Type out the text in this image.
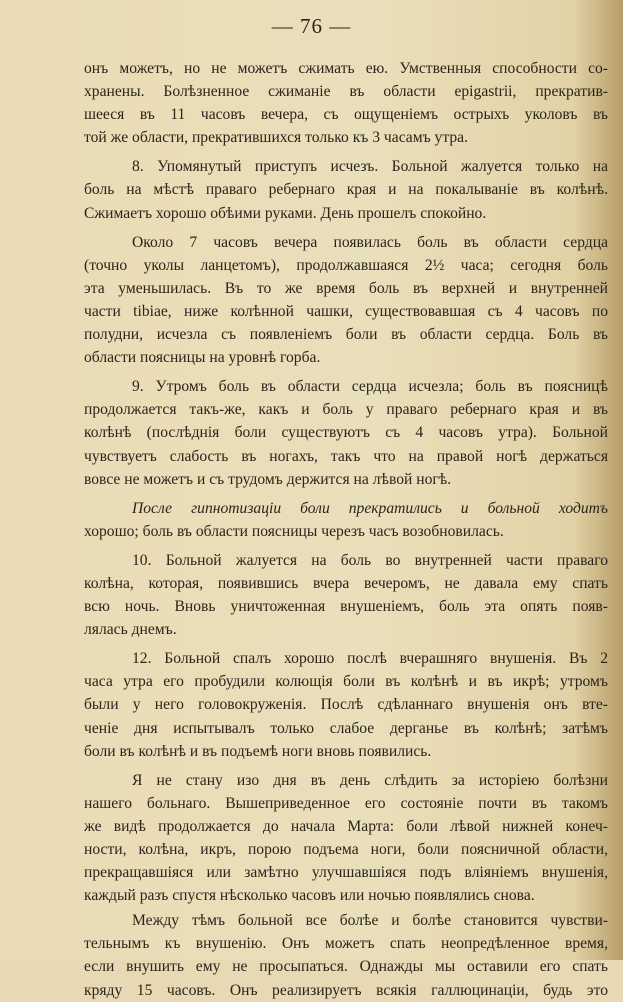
— 76 —

онъ можетъ, но не можетъ сжимать ею. Умственныя способности со-

хранены. Болѣзненное сжиманіе въ области epigastrii, прекратив-

шееся въ 11 часовъ вечера, съ ощущеніемъ острыхъ уколовъ въ

той же области, прекратившихся только къ 3 часамъ утра.

8. Упомянутый приступъ исчезъ. Больной жалуется только на

боль на мѣстѣ праваго ребернаго края и на покалываніе въ колѣнѣ.

Сжимаетъ хорошо обѣими руками. День прошелъ спокойно.

Около 7 часовъ вечера появилась боль въ области сердца

(точно уколы ланцетомъ), продолжавшаяся 2½ часа; сегодня боль

эта уменьшилась. Въ то же время боль въ верхней и внутренней

части tibiae, ниже колѣнной чашки, существовавшая съ 4 часовъ по

полудни, исчезла съ появленіемъ боли въ области сердца. Боль въ

области поясницы на уровнѣ горба.

9. Утромъ боль въ области сердца исчезла; боль въ поясницѣ

продолжается такъ-же, какъ и боль у праваго ребернаго края и въ

колѣнѣ (послѣднія боли существуютъ съ 4 часовъ утра). Больной

чувствуетъ слабость въ ногахъ, такъ что на правой ногѣ держаться

вовсе не можетъ и съ трудомъ держится на лѣвой ногѣ.

После гипнотизаціи боли прекратились и больной ходитъ

хорошо; боль въ области поясницы черезъ часъ возобновилась.

10. Больной жалуется на боль во внутренней части праваго

колѣна, которая, появившись вчера вечеромъ, не давала ему спать

всю ночь. Вновь уничтоженная внушеніемъ, боль эта опять появ-

лялась днемъ.

12. Больной спалъ хорошо послѣ вчерашняго внушенія. Въ 2

часа утра его пробудили колющія боли въ колѣнѣ и въ икрѣ; утромъ

были у него головокруженія. Послѣ сдѣланнаго внушенія онъ вте-

ченіе дня испытывалъ только слабое дерганье въ колѣнѣ; затѣмъ

боли въ колѣнѣ и въ подъемѣ ноги вновь появились.

Я не стану изо дня въ день слѣдить за исторіею болѣзни

нашего больнаго. Вышеприведенное его состояніе почти въ такомъ

же видѣ продолжается до начала Марта: боли лѣвой нижней конеч-

ности, колѣна, икръ, порою подъема ноги, боли поясничной области,

прекращавшіяся или замѣтно улучшавшіяся подъ вліяніемъ внушенія,

каждый разъ спустя нѣсколько часовъ или ночью появлялись снова.

Между тѣмъ больной все болѣе и болѣе становится чувстви-

тельнымъ къ внушенію. Онъ можетъ спать неопредѣленное время,

если внушить ему не просыпаться. Однажды мы оставили его спать

кряду 15 часовъ. Онъ реализируетъ всякія галлюцинаціи, будь это
